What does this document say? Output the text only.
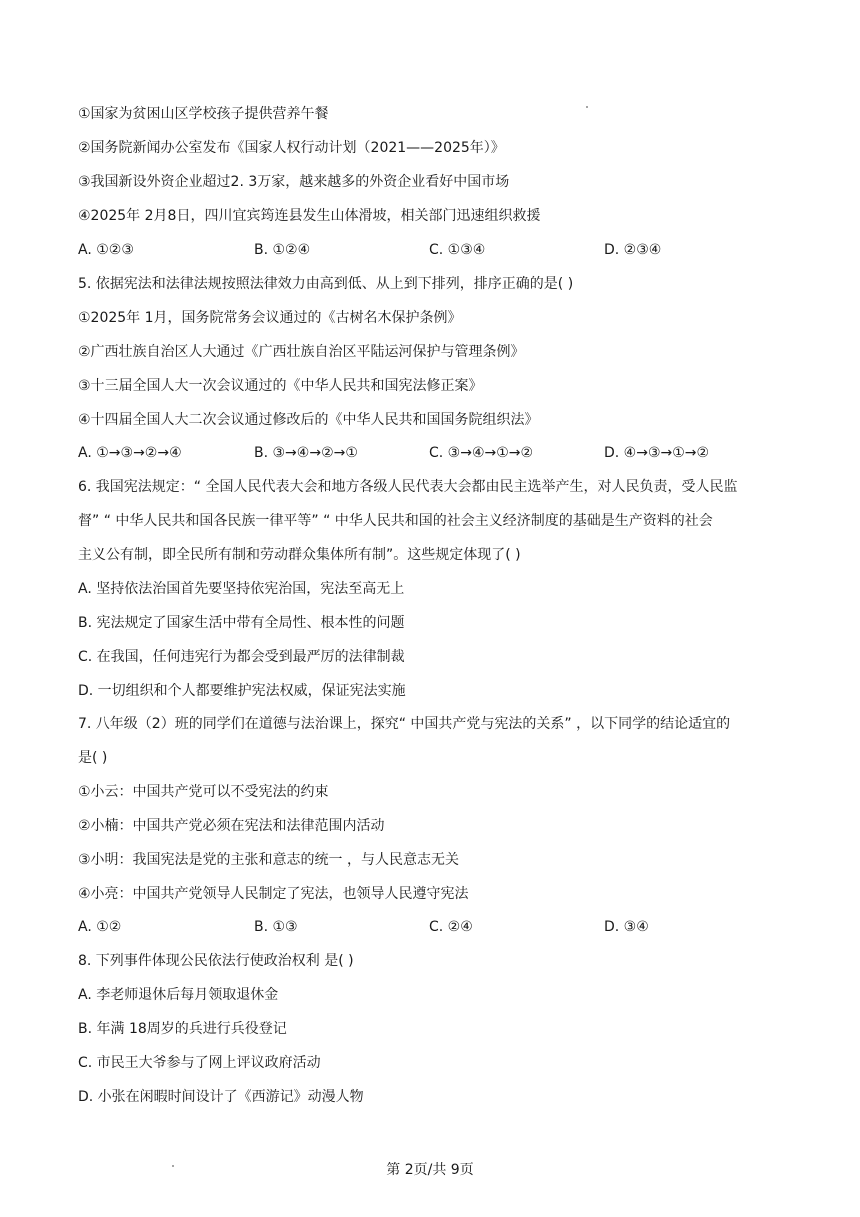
①国家为贫困山区学校孩子提供营养午餐
②国务院新闻办公室发布《国家人权行动计划（2021——2025年）》
③我国新设外资企业超过2. 3万家，越来越多的外资企业看好中国市场
④2025年 2月8日，四川宜宾筠连县发生山体滑坡，相关部门迅速组织救援
A. ①②③	B. ①②④	C. ①③④	D. ②③④
5. 依据宪法和法律法规按照法律效力由高到低、从上到下排列，排序正确的是( )
①2025年 1月，国务院常务会议通过的《古树名木保护条例》
②广西壮族自治区人大通过《广西壮族自治区平陆运河保护与管理条例》
③十三届全国人大一次会议通过的《中华人民共和国宪法修正案》
④十四届全国人大二次会议通过修改后的《中华人民共和国国务院组织法》
A. ①→③→②→④	B. ③→④→②→①	C. ③→④→①→②	D. ④→③→①→②
6. 我国宪法规定：“ 全国人民代表大会和地方各级人民代表大会都由民主选举产生，对人民负责，受人民监
督” “ 中华人民共和国各民族一律平等” “ 中华人民共和国的社会主义经济制度的基础是生产资料的社会
主义公有制，即全民所有制和劳动群众集体所有制”。这些规定体现了( )
A. 坚持依法治国首先要坚持依宪治国，宪法至高无上
B. 宪法规定了国家生活中带有全局性、根本性的问题
C. 在我国，任何违宪行为都会受到最严厉的法律制裁
D. 一切组织和个人都要维护宪法权威，保证宪法实施
7. 八年级（2）班的同学们在道德与法治课上，探究“ 中国共产党与宪法的关系” ，以下同学的结论适宜的
是( )
①小云：中国共产党可以不受宪法的约束
②小楠：中国共产党必须在宪法和法律范围内活动
③小明：我国宪法是党的主张和意志的统一 ，与人民意志无关
④小亮：中国共产党领导人民制定了宪法，也领导人民遵守宪法
A. ①②	B. ①③	C. ②④	D. ③④
8. 下列事件体现公民依法行使政治权利 是( )
A. 李老师退休后每月领取退休金
B. 年满 18周岁的兵进行兵役登记
C. 市民王大爷参与了网上评议政府活动
D. 小张在闲暇时间设计了《西游记》动漫人物
第 2页/共 9页
